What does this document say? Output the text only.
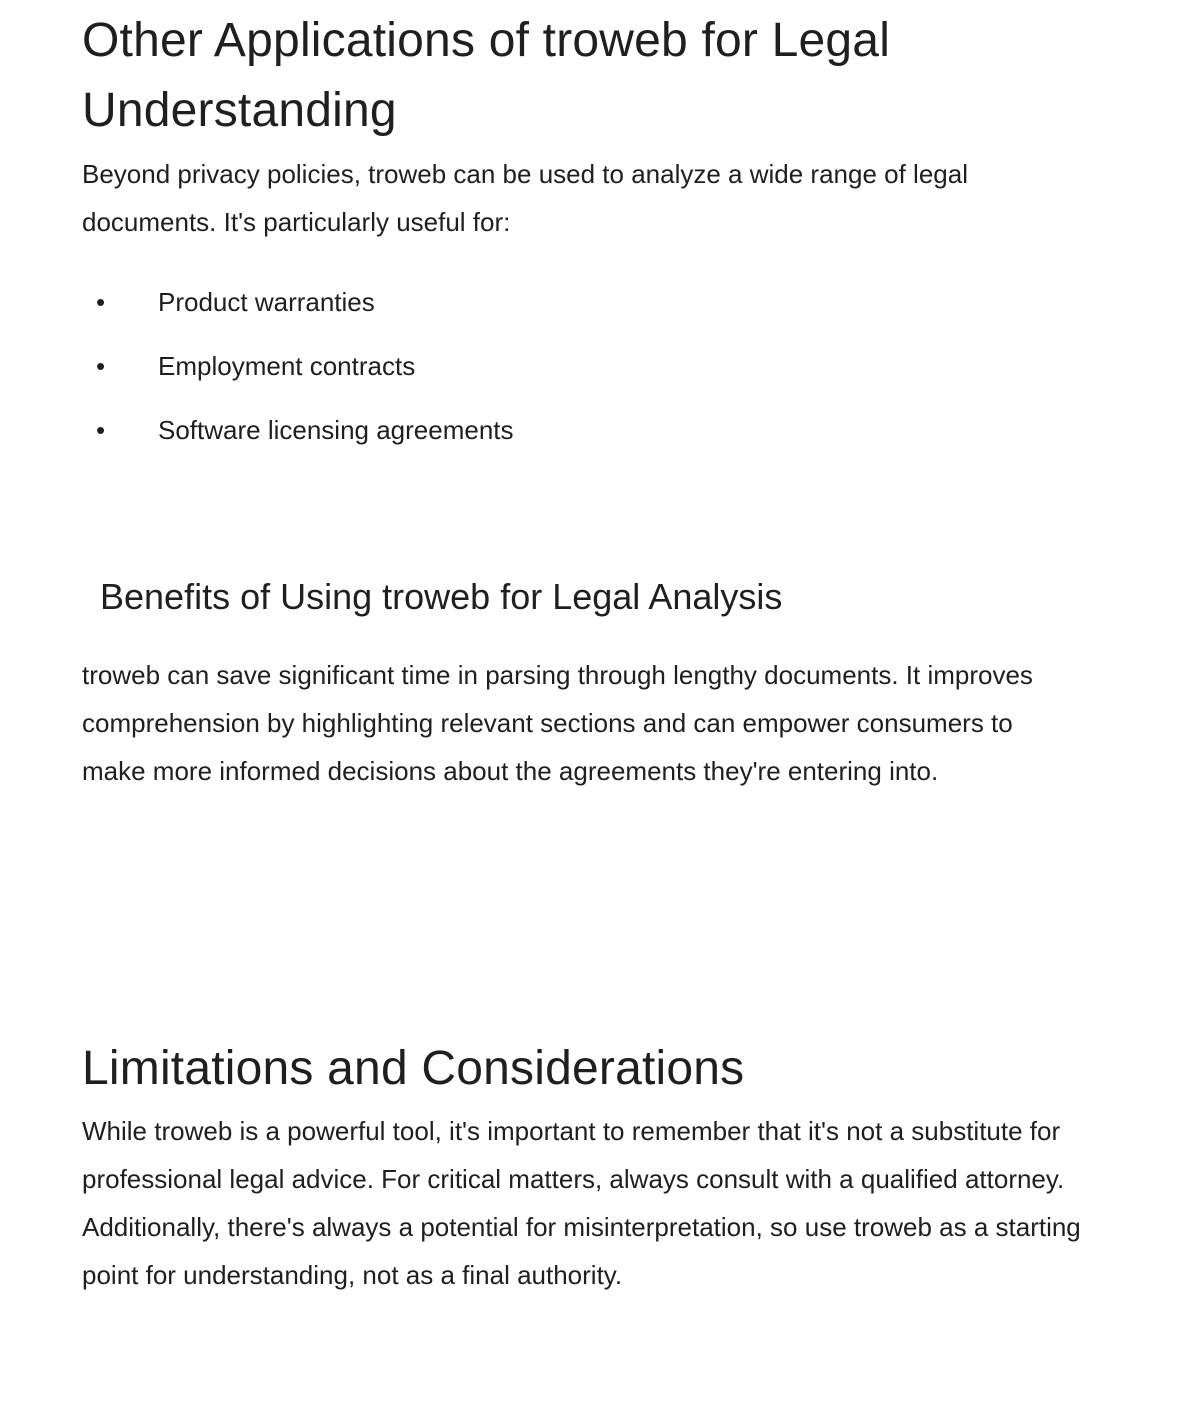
Other Applications of troweb for Legal Understanding

Beyond privacy policies, troweb can be used to analyze a wide range of legal documents. It's particularly useful for:

• Product warranties
• Employment contracts
• Software licensing agreements
Benefits of Using troweb for Legal Analysis

troweb can save significant time in parsing through lengthy documents. It improves comprehension by highlighting relevant sections and can empower consumers to make more informed decisions about the agreements they're entering into.

Limitations and Considerations

While troweb is a powerful tool, it's important to remember that it's not a substitute for professional legal advice. For critical matters, always consult with a qualified attorney. Additionally, there's always a potential for misinterpretation, so use troweb as a starting point for understanding, not as a final authority.
